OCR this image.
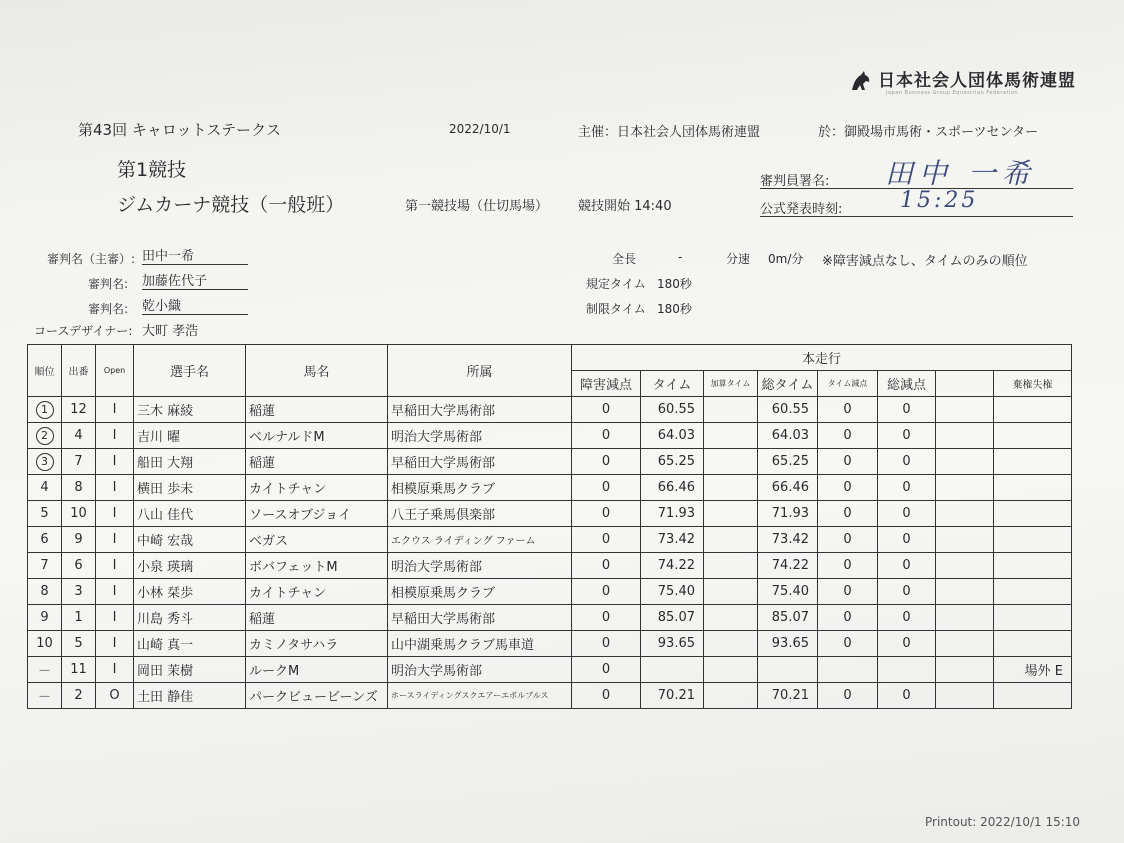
日本社会人団体馬術連盟
Japan Business Group Equestrian Federation
第43回 キャロットステークス	2022/10/1	主催：日本社会人団体馬術連盟	於：御殿場市馬術・スポーツセンター
第1競技
ジムカーナ競技（一般班）	第一競技場（仕切馬場） 競技開始 14:40
審判員署名:	田中 一希
公式発表時刻:	15:25
審判名（主審）: 田中一希
審判名: 加藤佐代子
審判名: 乾小織
コースデザイナー: 大町 孝浩
全長	-	分速 0m/分 ※障害減点なし、タイムのみの順位
規定タイム 180秒
制限タイム 180秒
順位	出番	Open	選手名	馬名	所属	本走行							
						障害減点	タイム	加算タイム	総タイム	タイム減点	総減点		棄権失権
1	12	I	三木 麻綾	稲蓮	早稲田大学馬術部	0	60.55		60.55	0	0		
2	4	I	吉川 曜	ベルナルドM	明治大学馬術部	0	64.03		64.03	0	0		
3	7	I	船田 大翔	稲蓮	早稲田大学馬術部	0	65.25		65.25	0	0		
4	8	I	横田 歩未	カイトチャン	相模原乗馬クラブ	0	66.46		66.46	0	0		
5	10	I	八山 佳代	ソースオブジョイ	八王子乗馬倶楽部	0	71.93		71.93	0	0		
6	9	I	中崎 宏哉	ベガス	エクウス ライディング ファーム	0	73.42		73.42	0	0		
7	6	I	小泉 瑛璃	ボバフェットM	明治大学馬術部	0	74.22		74.22	0	0		
8	3	I	小林 栞歩	カイトチャン	相模原乗馬クラブ	0	75.40		75.40	0	0		
9	1	I	川島 秀斗	稲蓮	早稲田大学馬術部	0	85.07		85.07	0	0		
10	5	I	山崎 真一	カミノタサハラ	山中湖乗馬クラブ馬車道	0	93.65		93.65	0	0		
－	11	I	岡田 茉樹	ルークM	明治大学馬術部	0							場外 E
－	2	O	土田 静佳	パークビュービーンズ	ホースライディングスクエアーエボルブルス	0	70.21		70.21	0	0		
Printout: 2022/10/1 15:10
